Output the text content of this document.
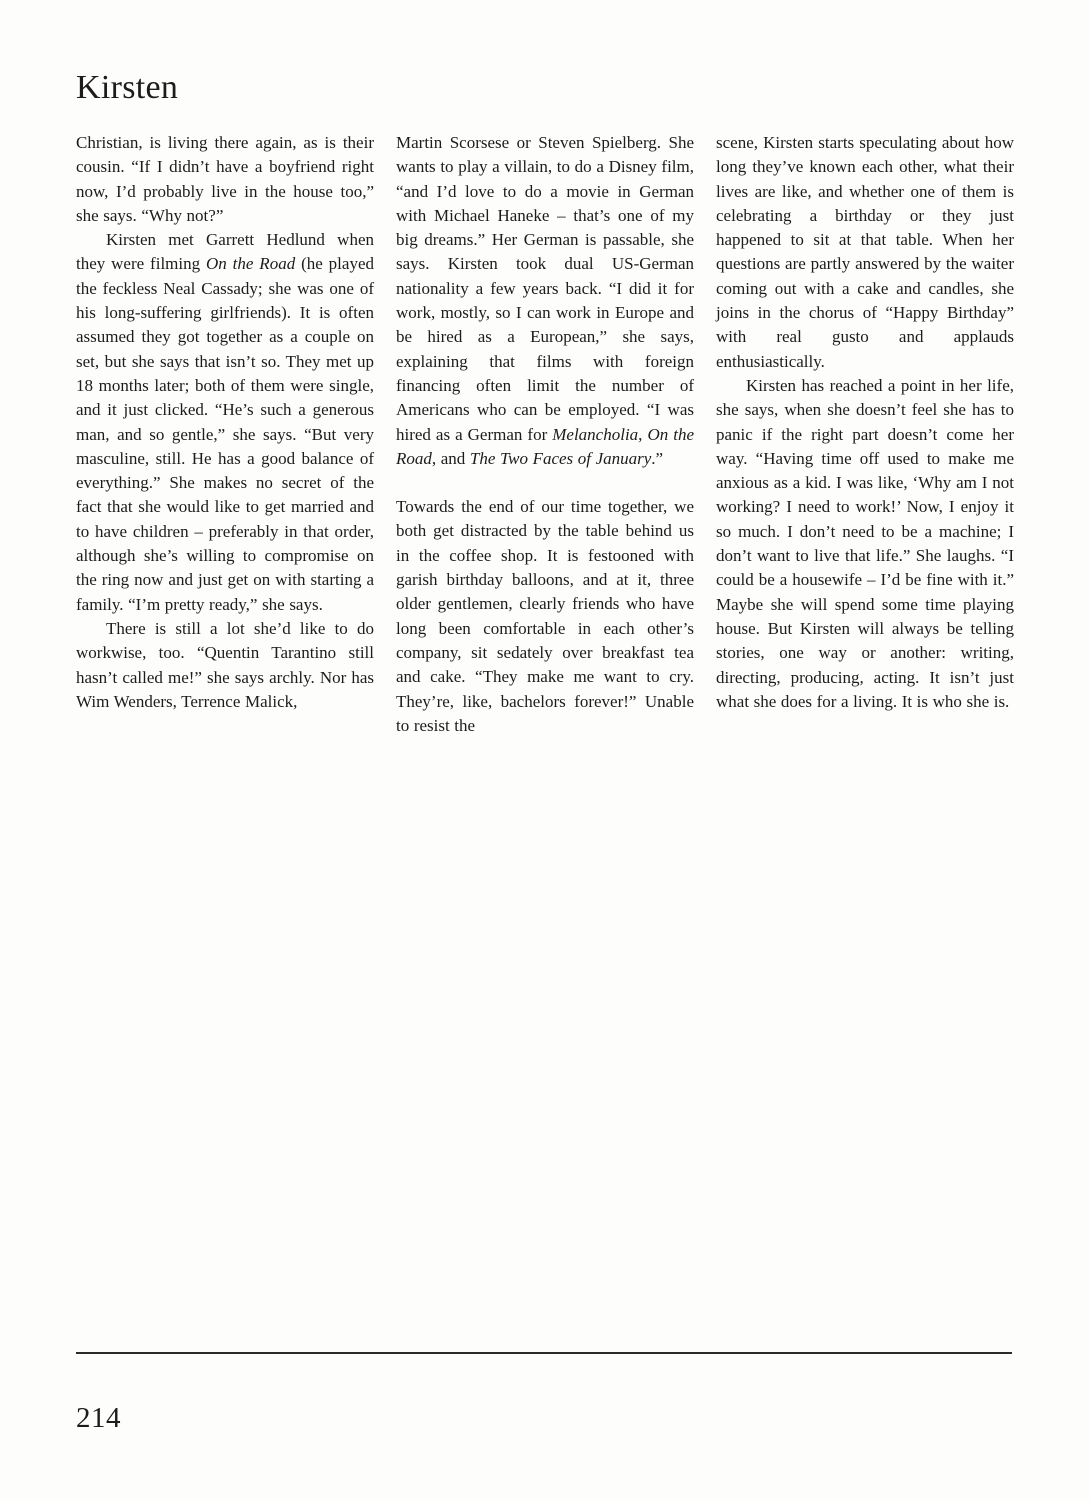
Kirsten

Christian, is living there again, as is their cousin. “If I didn’t have a boyfriend right now, I’d probably live in the house too,” she says. “Why not?”

Kirsten met Garrett Hedlund when they were filming On the Road (he played the feckless Neal Cassady; she was one of his long-suffering girlfriends). It is often assumed they got together as a couple on set, but she says that isn’t so. They met up 18 months later; both of them were single, and it just clicked. “He’s such a generous man, and so gentle,” she says. “But very masculine, still. He has a good balance of everything.” She makes no secret of the fact that she would like to get married and to have children – preferably in that order, although she’s willing to compromise on the ring now and just get on with starting a family. “I’m pretty ready,” she says.

There is still a lot she’d like to do workwise, too. “Quentin Tarantino still hasn’t called me!” she says archly. Nor has Wim Wenders, Terrence Malick,

Martin Scorsese or Steven Spielberg. She wants to play a villain, to do a Disney film, “and I’d love to do a movie in German with Michael Haneke – that’s one of my big dreams.” Her German is passable, she says. Kirsten took dual US-German nationality a few years back. “I did it for work, mostly, so I can work in Europe and be hired as a European,” she says, explaining that films with foreign financing often limit the number of Americans who can be employed. “I was hired as a German for Melancholia, On the Road, and The Two Faces of January.”

Towards the end of our time together, we both get distracted by the table behind us in the coffee shop. It is festooned with garish birthday balloons, and at it, three older gentlemen, clearly friends who have long been comfortable in each other’s company, sit sedately over breakfast tea and cake. “They make me want to cry. They’re, like, bachelors forever!” Unable to resist the

scene, Kirsten starts speculating about how long they’ve known each other, what their lives are like, and whether one of them is celebrating a birthday or they just happened to sit at that table. When her questions are partly answered by the waiter coming out with a cake and candles, she joins in the chorus of “Happy Birthday” with real gusto and applauds enthusiastically.

Kirsten has reached a point in her life, she says, when she doesn’t feel she has to panic if the right part doesn’t come her way. “Having time off used to make me anxious as a kid. I was like, ‘Why am I not working? I need to work!’ Now, I enjoy it so much. I don’t need to be a machine; I don’t want to live that life.” She laughs. “I could be a housewife – I’d be fine with it.” Maybe she will spend some time playing house. But Kirsten will always be telling stories, one way or another: writing, directing, producing, acting. It isn’t just what she does for a living. It is who she is.

214
